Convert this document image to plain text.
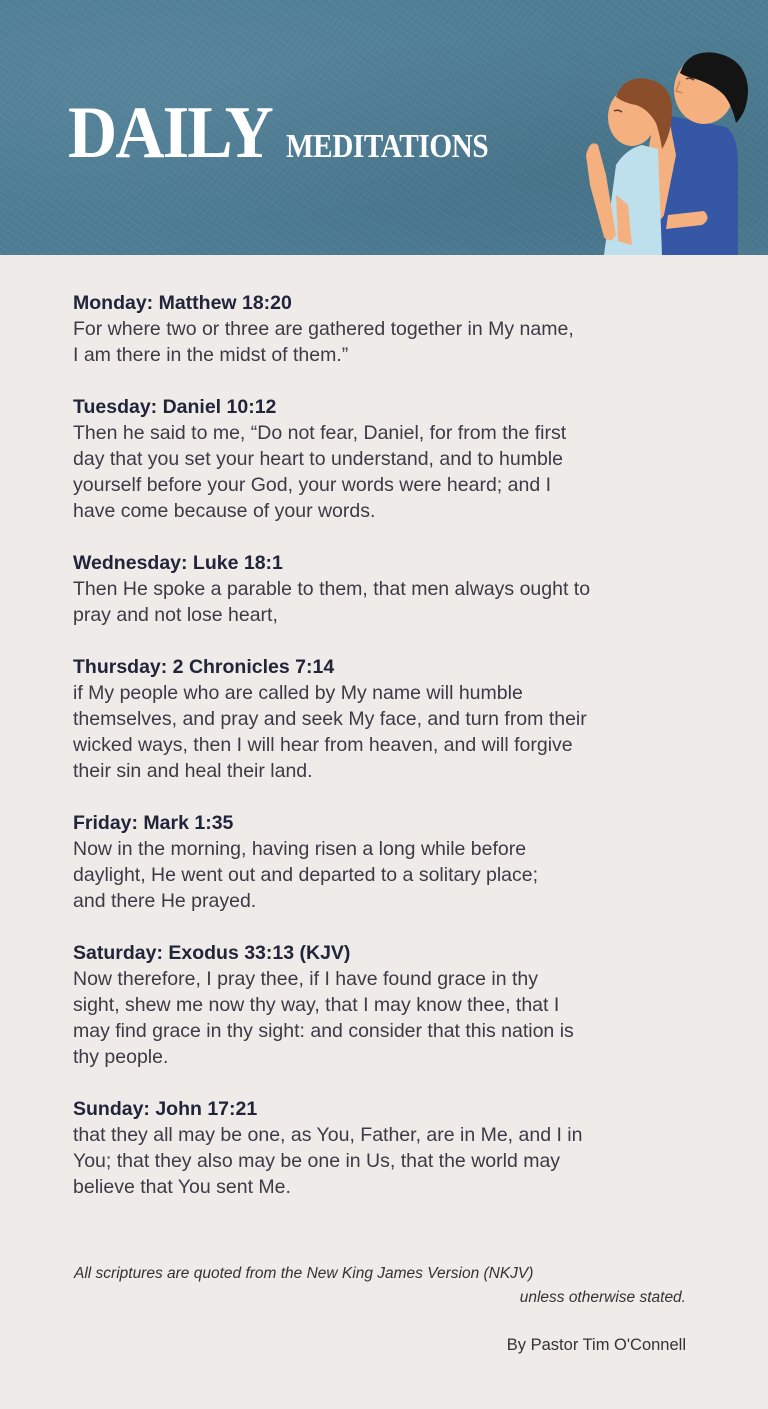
DAILY MEDITATIONS

Monday: Matthew 18:20

For where two or three are gathered together in My name,

I am there in the midst of them.”

Tuesday: Daniel 10:12

Then he said to me, “Do not fear, Daniel, for from the first

day that you set your heart to understand, and to humble

yourself before your God, your words were heard; and I

have come because of your words.

Wednesday: Luke 18:1

Then He spoke a parable to them, that men always ought to

pray and not lose heart,

Thursday: 2 Chronicles 7:14

if My people who are called by My name will humble

themselves, and pray and seek My face, and turn from their

wicked ways, then I will hear from heaven, and will forgive

their sin and heal their land.

Friday: Mark 1:35

Now in the morning, having risen a long while before

daylight, He went out and departed to a solitary place;

and there He prayed.

Saturday: Exodus 33:13 (KJV)

Now therefore, I pray thee, if I have found grace in thy

sight, shew me now thy way, that I may know thee, that I

may find grace in thy sight: and consider that this nation is

thy people.

Sunday: John 17:21

that they all may be one, as You, Father, are in Me, and I in

You; that they also may be one in Us, that the world may

believe that You sent Me.

All scriptures are quoted from the New King James Version (NKJV)
unless otherwise stated.
By Pastor Tim O'Connell
